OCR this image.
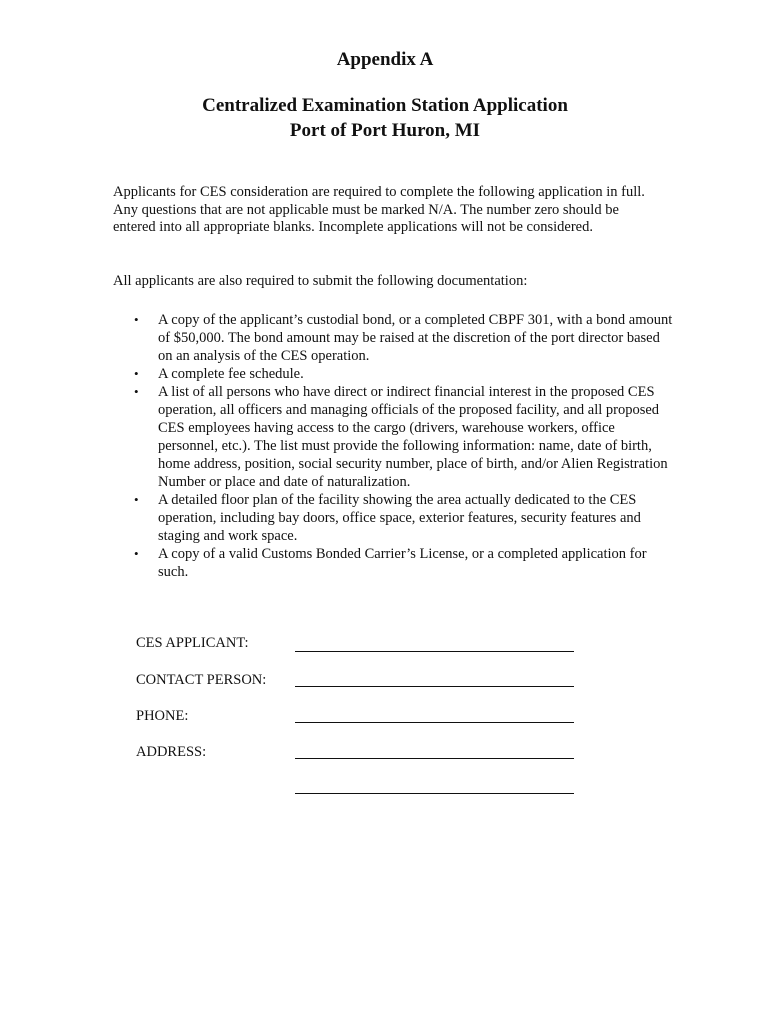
Appendix A
Centralized Examination Station Application
Port of Port Huron, MI

Applicants for CES consideration are required to complete the following application in full. Any questions that are not applicable must be marked N/A. The number zero should be entered into all appropriate blanks. Incomplete applications will not be considered.

All applicants are also required to submit the following documentation:

• A copy of the applicant’s custodial bond, or a completed CBPF 301, with a bond amount of $50,000. The bond amount may be raised at the discretion of the port director based on an analysis of the CES operation.
• A complete fee schedule.
• A list of all persons who have direct or indirect financial interest in the proposed CES operation, all officers and managing officials of the proposed facility, and all proposed CES employees having access to the cargo (drivers, warehouse workers, office personnel, etc.). The list must provide the following information: name, date of birth, home address, position, social security number, place of birth, and/or Alien Registration Number or place and date of naturalization.
• A detailed floor plan of the facility showing the area actually dedicated to the CES operation, including bay doors, office space, exterior features, security features and staging and work space.
• A copy of a valid Customs Bonded Carrier’s License, or a completed application for such.

CES APPLICANT:

CONTACT PERSON:

PHONE:

ADDRESS:
